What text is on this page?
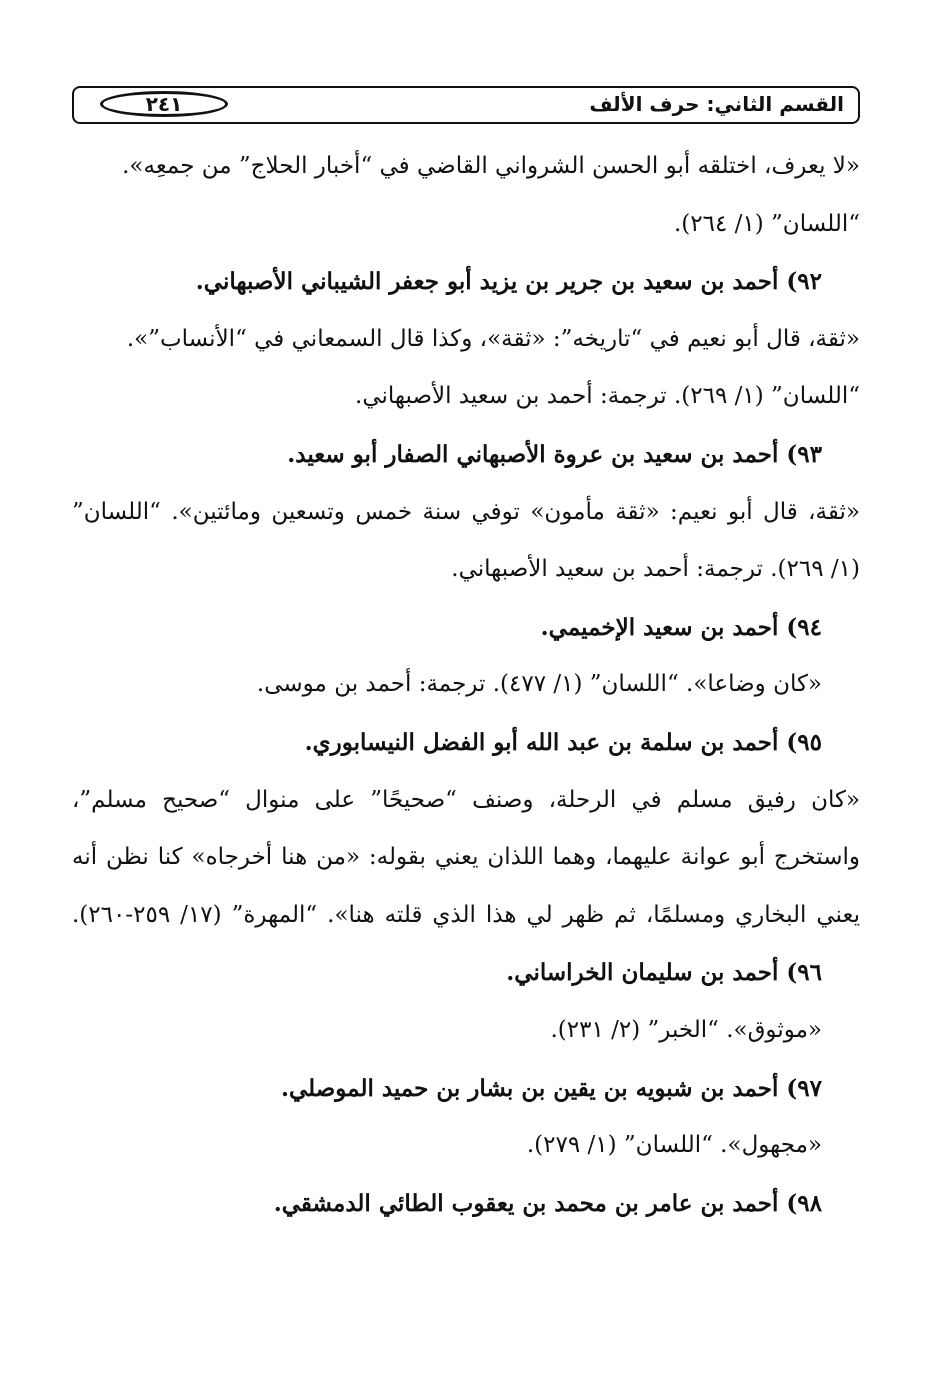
القسم الثاني: حرف الألف
٢٤١
«لا يعرف، اختلقه أبو الحسن الشرواني القاضي في “أخبار الحلاج” من جمعِه».
“اللسان” (١/ ٢٦٤).
٩٢) أحمد بن سعيد بن جرير بن يزيد أبو جعفر الشيباني الأصبهاني.
«ثقة، قال أبو نعيم في “تاريخه”: «ثقة»، وكذا قال السمعاني في “الأنساب”».
“اللسان” (١/ ٢٦٩). ترجمة: أحمد بن سعيد الأصبهاني.
٩٣) أحمد بن سعيد بن عروة الأصبهاني الصفار أبو سعيد.
«ثقة، قال أبو نعيم: «ثقة مأمون» توفي سنة خمس وتسعين ومائتين». “اللسان”
(١/ ٢٦٩). ترجمة: أحمد بن سعيد الأصبهاني.
٩٤) أحمد بن سعيد الإخميمي.
«كان وضاعا». “اللسان” (١/ ٤٧٧). ترجمة: أحمد بن موسى.
٩٥) أحمد بن سلمة بن عبد الله أبو الفضل النيسابوري.
«كان رفيق مسلم في الرحلة، وصنف “صحيحًا” على منوال “صحيح مسلم”،
واستخرج أبو عوانة عليهما، وهما اللذان يعني بقوله: «من هنا أخرجاه» كنا نظن أنه
يعني البخاري ومسلمًا، ثم ظهر لي هذا الذي قلته هنا». “المهرة” (١٧/ ٢٥٩-٢٦٠).
٩٦) أحمد بن سليمان الخراساني.
«موثوق». “الخبر” (٢/ ٢٣١).
٩٧) أحمد بن شبويه بن يقين بن بشار بن حميد الموصلي.
«مجهول». “اللسان” (١/ ٢٧٩).
٩٨) أحمد بن عامر بن محمد بن يعقوب الطائي الدمشقي.
